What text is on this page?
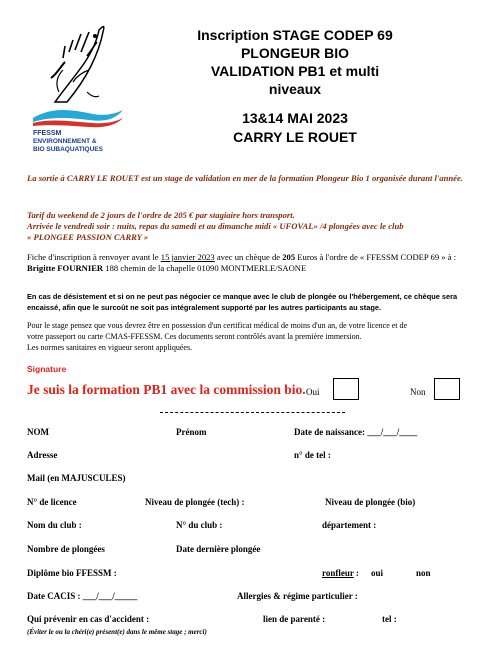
FFESSM
ENVIRONNEMENT &
BIO SUBAQUATIQUES
Inscription STAGE CODEP 69
PLONGEUR BIO
VALIDATION PB1 et multi
niveaux
13&14 MAI 2023
CARRY LE ROUET
La sortie à CARRY LE ROUET est un stage de validation en mer de la formation Plongeur Bio 1 organisée durant l'année.
Tarif du weekend de 2 jours de l'ordre de 205 € par stagiaire hors transport.
Arrivée le vendredi soir : nuits, repas du samedi et au dimanche midi « UFOVAL» /4 plongées avec le club
« PLONGEE PASSION CARRY »
Fiche d'inscription à renvoyer avant le 15 janvier 2023 avec un chèque de 205 Euros à l'ordre de « FFESSM CODEP 69 » à : Brigitte FOURNIER 188 chemin de la chapelle 01090 MONTMERLE/SAONE
En cas de désistement et si on ne peut pas négocier ce manque avec le club de plongée ou l'hébergement, ce chèque sera encaissé, afin que le surcoût ne soit pas intégralement supporté par les autres participants au stage.
Pour le stage pensez que vous devrez être en possession d'un certificat médical de moins d'un an, de votre licence et de
votre passeport ou carte CMAS-FFESSM. Ces documents seront contrôlés avant la première immersion.
Les normes sanitaires en vigueur seront appliquées.
Signature
Je suis la formation PB1 avec la commission bio. Oui	Non
NOM	Prénom	Date de naissance: ___/___/____
Adresse	n° de tel :
Mail (en MAJUSCULES)
N° de licence	Niveau de plongée (tech) :	Niveau de plongée (bio)
Nom du club :	N° du club :	département :
Nombre de plongées	Date dernière plongée
Diplôme bio FFESSM :	ronfleur : oui	non
Date CACIS : ___/___/_____	Allergies & régime particulier :
Qui prévenir en cas d'accident :	lien de parenté :	tel :
(Éviter le ou la chéri(e) présent(e) dans le même stage ; merci)
